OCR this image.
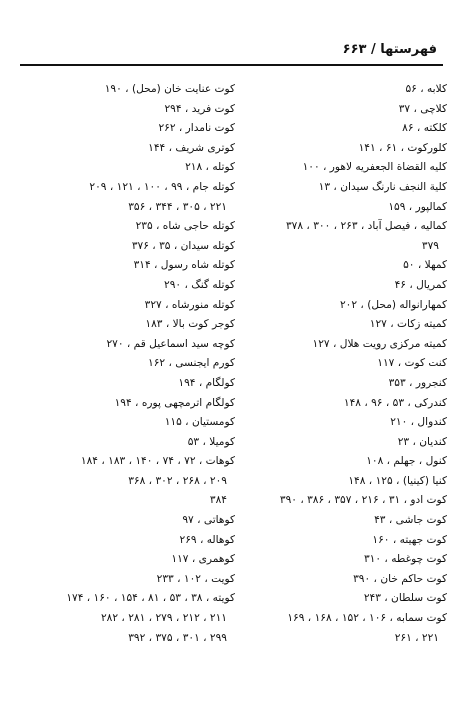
فهرستها / ۶۶۳
کلابه ، ۵۶
کلاچی ، ۳۷
کلکته ، ۸۶
کلورکوت ، ۶۱ ، ۱۴۱
کلیه القضاة الجعفریه لاهور ، ۱۰۰
کلیة النجف نارنگ سیدان ، ۱۳
کمالپور ، ۱۵۹
کمالیه ، فیصل آباد ، ۲۶۳ ، ۳۰۰ ، ۳۷۸
۳۷۹
کمهلا ، ۵۰
کمریال ، ۴۶
کمهارانواله (محل) ، ۲۰۲
کمیته زکات ، ۱۲۷
کمیته مرکزی رویت هلال ، ۱۲۷
کنت کوت ، ۱۱۷
کنجرور ، ۳۵۳
کندرکی ، ۵۳ ، ۹۶ ، ۱۴۸
کندوال ، ۲۱۰
کندیان ، ۲۳
کنول ، جهلم ، ۱۰۸
کنیا (کینیا) ، ۱۲۵ ، ۱۴۸
کوت ادو ، ۳۱ ، ۲۱۶ ، ۳۵۷ ، ۳۸۶ ، ۳۹۰
کوت جاشی ، ۴۳
کوت جهیته ، ۱۶۰
کوت چوغطه ، ۳۱۰
کوت حاکم خان ، ۳۹۰
کوت سلطان ، ۲۴۳
کوت سمابه ، ۱۰۶ ، ۱۵۲ ، ۱۶۸ ، ۱۶۹
۲۲۱ ، ۲۶۱
کوت عنایت خان (محل) ، ۱۹۰
کوت فرید ، ۲۹۴
کوت نامدار ، ۲۶۲
کوتری شریف ، ۱۴۴
کوتله ، ۲۱۸
کوتله جام ، ۹۹ ، ۱۰۰ ، ۱۲۱ ، ۲۰۹
۲۲۱ ، ۳۰۵ ، ۳۴۴ ، ۳۵۶
کوتله حاجی شاه ، ۲۳۵
کوتله سیدان ، ۳۵ ، ۳۷۶
کوتله شاه رسول ، ۳۱۴
کوتله گنگ ، ۲۹۰
کوتله منورشاه ، ۳۲۷
کوجر کوت بالا ، ۱۸۳
کوچه سید اسماعیل قم ، ۲۷۰
کورم ایجنسی ، ۱۶۲
کولگام ، ۱۹۴
کولگام اترمچهی پوره ، ۱۹۴
کومستیان ، ۱۱۵
کومیلا ، ۵۳
کوهات ، ۷۲ ، ۷۴ ، ۱۴۰ ، ۱۸۳ ، ۱۸۴
۲۰۹ ، ۲۶۸ ، ۳۰۲ ، ۳۶۸
۳۸۴
کوهاتی ، ۹۷
کوهاله ، ۲۶۹
کوهمری ، ۱۱۷
کویت ، ۱۰۲ ، ۲۳۳
کویته ، ۳۸ ، ۵۳ ، ۸۱ ، ۱۵۴ ، ۱۶۰ ، ۱۷۴
۲۱۱ ، ۲۱۲ ، ۲۷۹ ، ۲۸۱ ، ۲۸۲
۲۹۹ ، ۳۰۱ ، ۳۷۵ ، ۳۹۲
